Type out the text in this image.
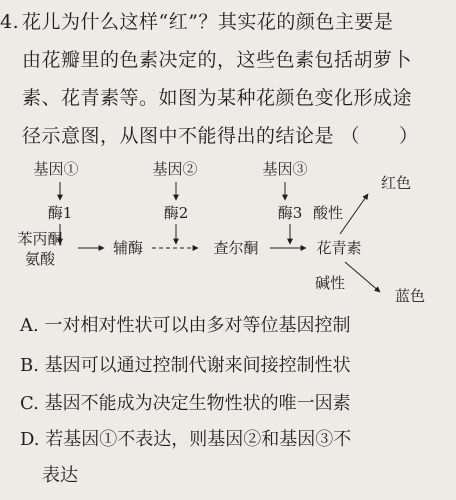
4. 花儿为什么这样“红”？其实花的颜色主要是
由花瓣里的色素决定的，这些色素包括胡萝卜
素、花青素等。如图为某种花颜色变化形成途
径示意图，从图中不能得出的结论是 （　　）
基因①	基因②	基因③
酶1	酶2	酶3
苯丙酮
氨酸
辅酶	查尔酮	花青素
酸性
红色
碱性
蓝色
A. 一对相对性状可以由多对等位基因控制
B. 基因可以通过控制代谢来间接控制性状
C. 基因不能成为决定生物性状的唯一因素
D. 若基因①不表达，则基因②和基因③不
表达
